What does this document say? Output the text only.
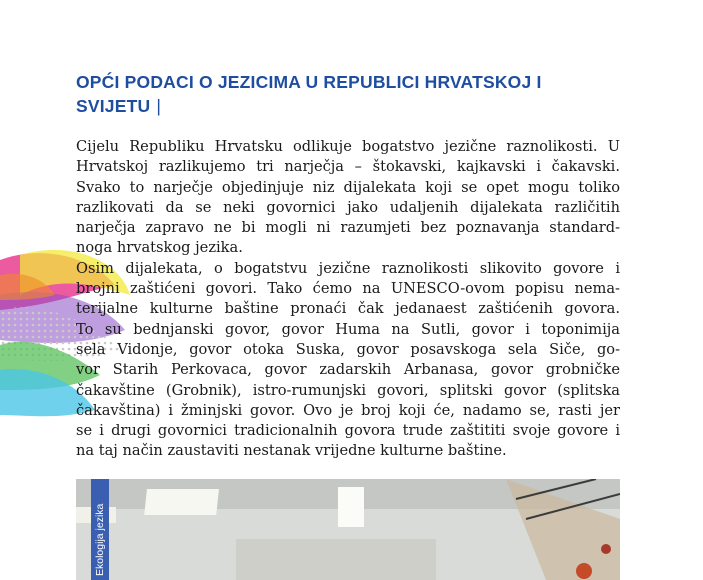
OPĆI PODACI O JEZICIMA U REPUBLICI HRVATSKOJ I
SVIJETU |
Cijelu Republiku Hrvatsku odlikuje bogatstvo jezične raznolikosti. U
Hrvatskoj razlikujemo tri narječja – štokavski, kajkavski i čakavski.
Svako to narječje objedinjuje niz dijalekata koji se opet mogu toliko
razlikovati da se neki govornici jako udaljenih dijalekata različitih
narječja zapravo ne bi mogli ni razumjeti bez poznavanja standard-
noga hrvatskog jezika.
Osim dijalekata, o bogatstvu jezične raznolikosti slikovito govore i
brojni zaštićeni govori. Tako ćemo na UNESCO-ovom popisu nema-
terijalne kulturne baštine pronaći čak jedanaest zaštićenih govora.
To su bednjanski govor, govor Huma na Sutli, govor i toponimija
sela Vidonje, govor otoka Suska, govor posavskoga sela Siče, go-
vor Starih Perkovaca, govor zadarskih Arbanasa, govor grobničke
čakavštine (Grobnik), istro-rumunjski govori, splitski govor (splitska
čakavština) i žminjski govor. Ovo je broj koji će, nadamo se, rasti jer
se i drugi govornici tradicionalnih govora trude zaštititi svoje govore i
na taj način zaustaviti nestanak vrijedne kulturne baštine.
Ekologija jezika
